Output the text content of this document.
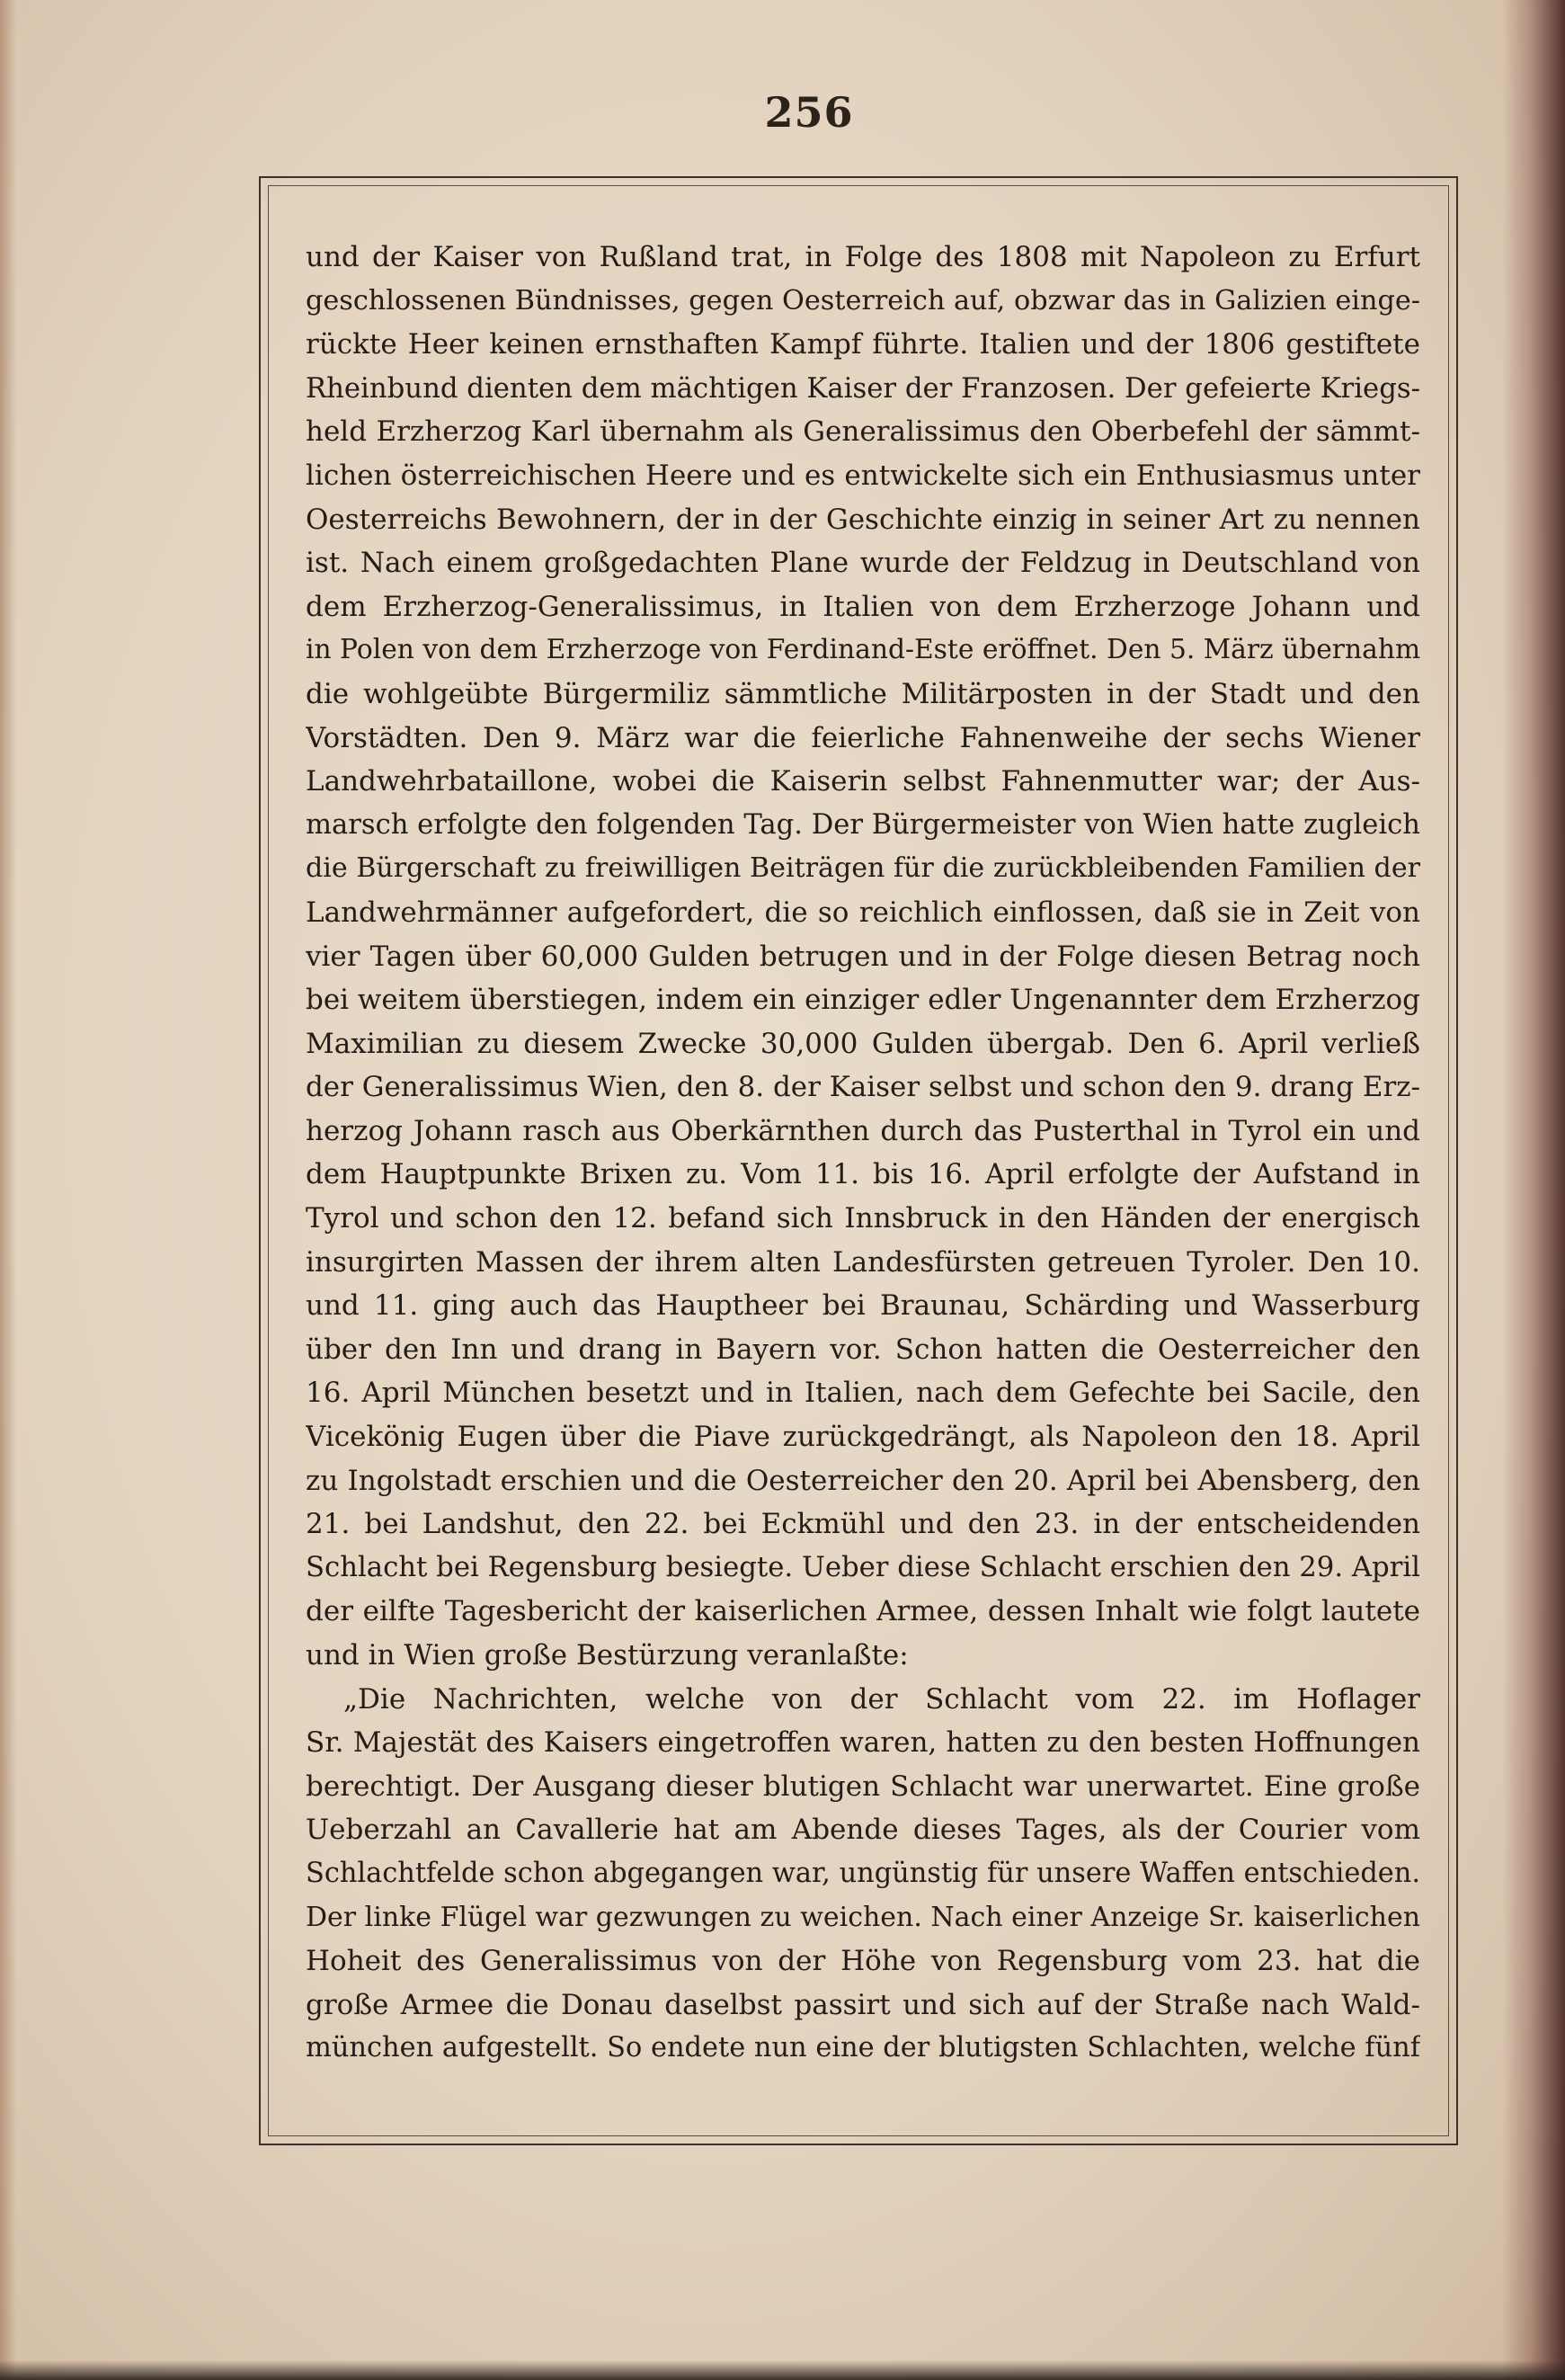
256
und der Kaiser von Rußland trat, in Folge des 1808 mit Napoleon zu Erfurt
geschlossenen Bündnisses, gegen Oesterreich auf, obzwar das in Galizien einge-
rückte Heer keinen ernsthaften Kampf führte. Italien und der 1806 gestiftete
Rheinbund dienten dem mächtigen Kaiser der Franzosen. Der gefeierte Kriegs-
held Erzherzog Karl übernahm als Generalissimus den Oberbefehl der sämmt-
lichen österreichischen Heere und es entwickelte sich ein Enthusiasmus unter
Oesterreichs Bewohnern, der in der Geschichte einzig in seiner Art zu nennen
ist. Nach einem großgedachten Plane wurde der Feldzug in Deutschland von
dem Erzherzog-Generalissimus, in Italien von dem Erzherzoge Johann und
in Polen von dem Erzherzoge von Ferdinand-Este eröffnet. Den 5. März übernahm
die wohlgeübte Bürgermiliz sämmtliche Militärposten in der Stadt und den
Vorstädten. Den 9. März war die feierliche Fahnenweihe der sechs Wiener
Landwehrbataillone, wobei die Kaiserin selbst Fahnenmutter war; der Aus-
marsch erfolgte den folgenden Tag. Der Bürgermeister von Wien hatte zugleich
die Bürgerschaft zu freiwilligen Beiträgen für die zurückbleibenden Familien der
Landwehrmänner aufgefordert, die so reichlich einflossen, daß sie in Zeit von
vier Tagen über 60,000 Gulden betrugen und in der Folge diesen Betrag noch
bei weitem überstiegen, indem ein einziger edler Ungenannter dem Erzherzog
Maximilian zu diesem Zwecke 30,000 Gulden übergab. Den 6. April verließ
der Generalissimus Wien, den 8. der Kaiser selbst und schon den 9. drang Erz-
herzog Johann rasch aus Oberkärnthen durch das Pusterthal in Tyrol ein und
dem Hauptpunkte Brixen zu. Vom 11. bis 16. April erfolgte der Aufstand in
Tyrol und schon den 12. befand sich Innsbruck in den Händen der energisch
insurgirten Massen der ihrem alten Landesfürsten getreuen Tyroler. Den 10.
und 11. ging auch das Hauptheer bei Braunau, Schärding und Wasserburg
über den Inn und drang in Bayern vor. Schon hatten die Oesterreicher den
16. April München besetzt und in Italien, nach dem Gefechte bei Sacile, den
Vicekönig Eugen über die Piave zurückgedrängt, als Napoleon den 18. April
zu Ingolstadt erschien und die Oesterreicher den 20. April bei Abensberg, den
21. bei Landshut, den 22. bei Eckmühl und den 23. in der entscheidenden
Schlacht bei Regensburg besiegte. Ueber diese Schlacht erschien den 29. April
der eilfte Tagesbericht der kaiserlichen Armee, dessen Inhalt wie folgt lautete
und in Wien große Bestürzung veranlaßte:
„Die Nachrichten, welche von der Schlacht vom 22. im Hoflager
Sr. Majestät des Kaisers eingetroffen waren, hatten zu den besten Hoffnungen
berechtigt. Der Ausgang dieser blutigen Schlacht war unerwartet. Eine große
Ueberzahl an Cavallerie hat am Abende dieses Tages, als der Courier vom
Schlachtfelde schon abgegangen war, ungünstig für unsere Waffen entschieden.
Der linke Flügel war gezwungen zu weichen. Nach einer Anzeige Sr. kaiserlichen
Hoheit des Generalissimus von der Höhe von Regensburg vom 23. hat die
große Armee die Donau daselbst passirt und sich auf der Straße nach Wald-
münchen aufgestellt. So endete nun eine der blutigsten Schlachten, welche fünf
